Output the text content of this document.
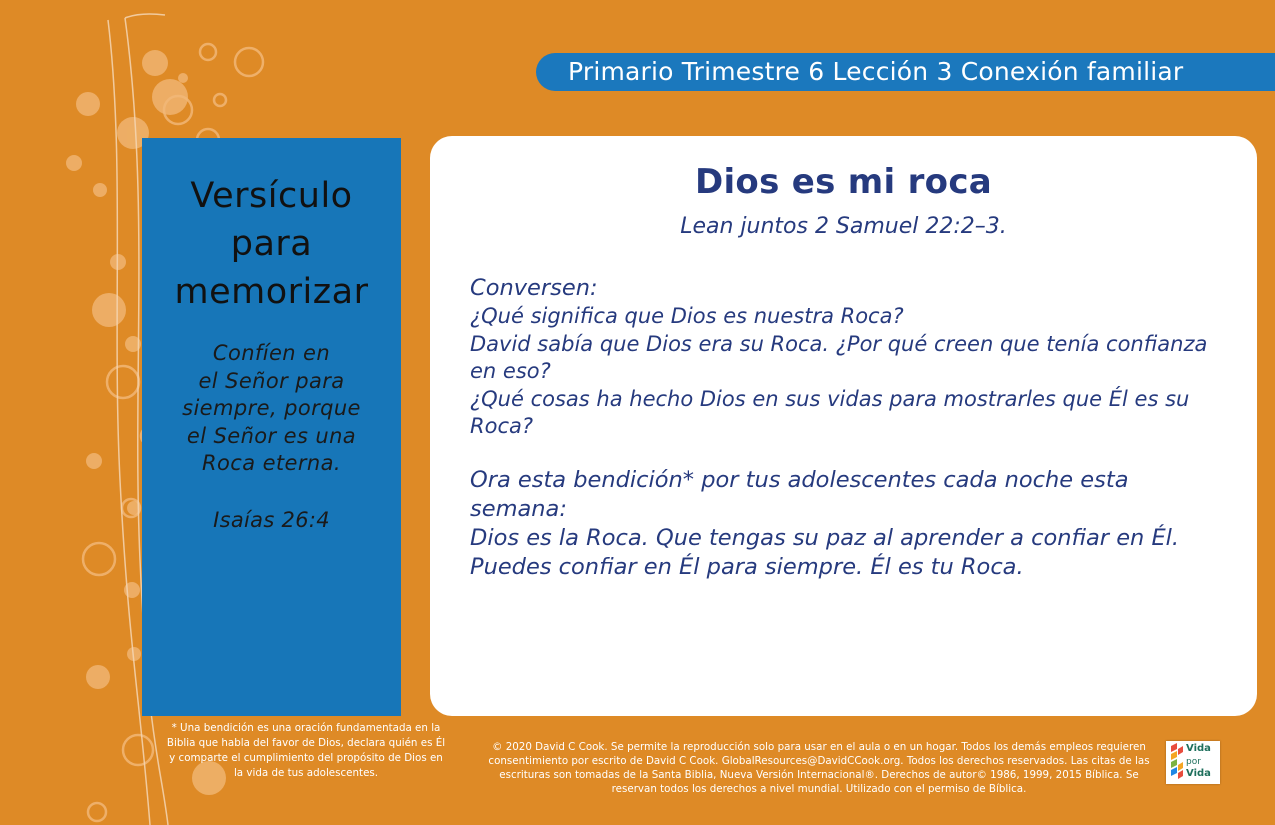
Primario Trimestre 6 Lección 3 Conexión familiar
Versículo
para
memorizar
Confíen en
el Señor para
siempre, porque
el Señor es una
Roca eterna.
Isaías 26:4
Dios es mi roca
Lean juntos 2 Samuel 22:2–3.

Conversen:

¿Qué significa que Dios es nuestra Roca?

David sabía que Dios era su Roca. ¿Por qué creen que tenía confianza en eso?

¿Qué cosas ha hecho Dios en sus vidas para mostrarles que Él es su Roca?

Ora esta bendición* por tus adolescentes cada noche esta semana:

Dios es la Roca. Que tengas su paz al aprender a confiar en Él. Puedes confiar en Él para siempre. Él es tu Roca.

* Una bendición es una oración fundamentada en la Biblia que habla del favor de Dios, declara quién es Él y comparte el cumplimiento del propósito de Dios en la vida de tus adolescentes.
© 2020 David C Cook. Se permite la reproducción solo para usar en el aula o en un hogar. Todos los demás empleos requieren consentimiento por escrito de David C Cook. GlobalResources@DavidCCook.org. Todos los derechos reservados. Las citas de las escrituras son tomadas de la Santa Biblia, Nueva Versión Internacional®. Derechos de autor© 1986, 1999, 2015 Bíblica. Se reservan todos los derechos a nivel mundial. Utilizado con el permiso de Bíblica.
Vida
por
Vida
